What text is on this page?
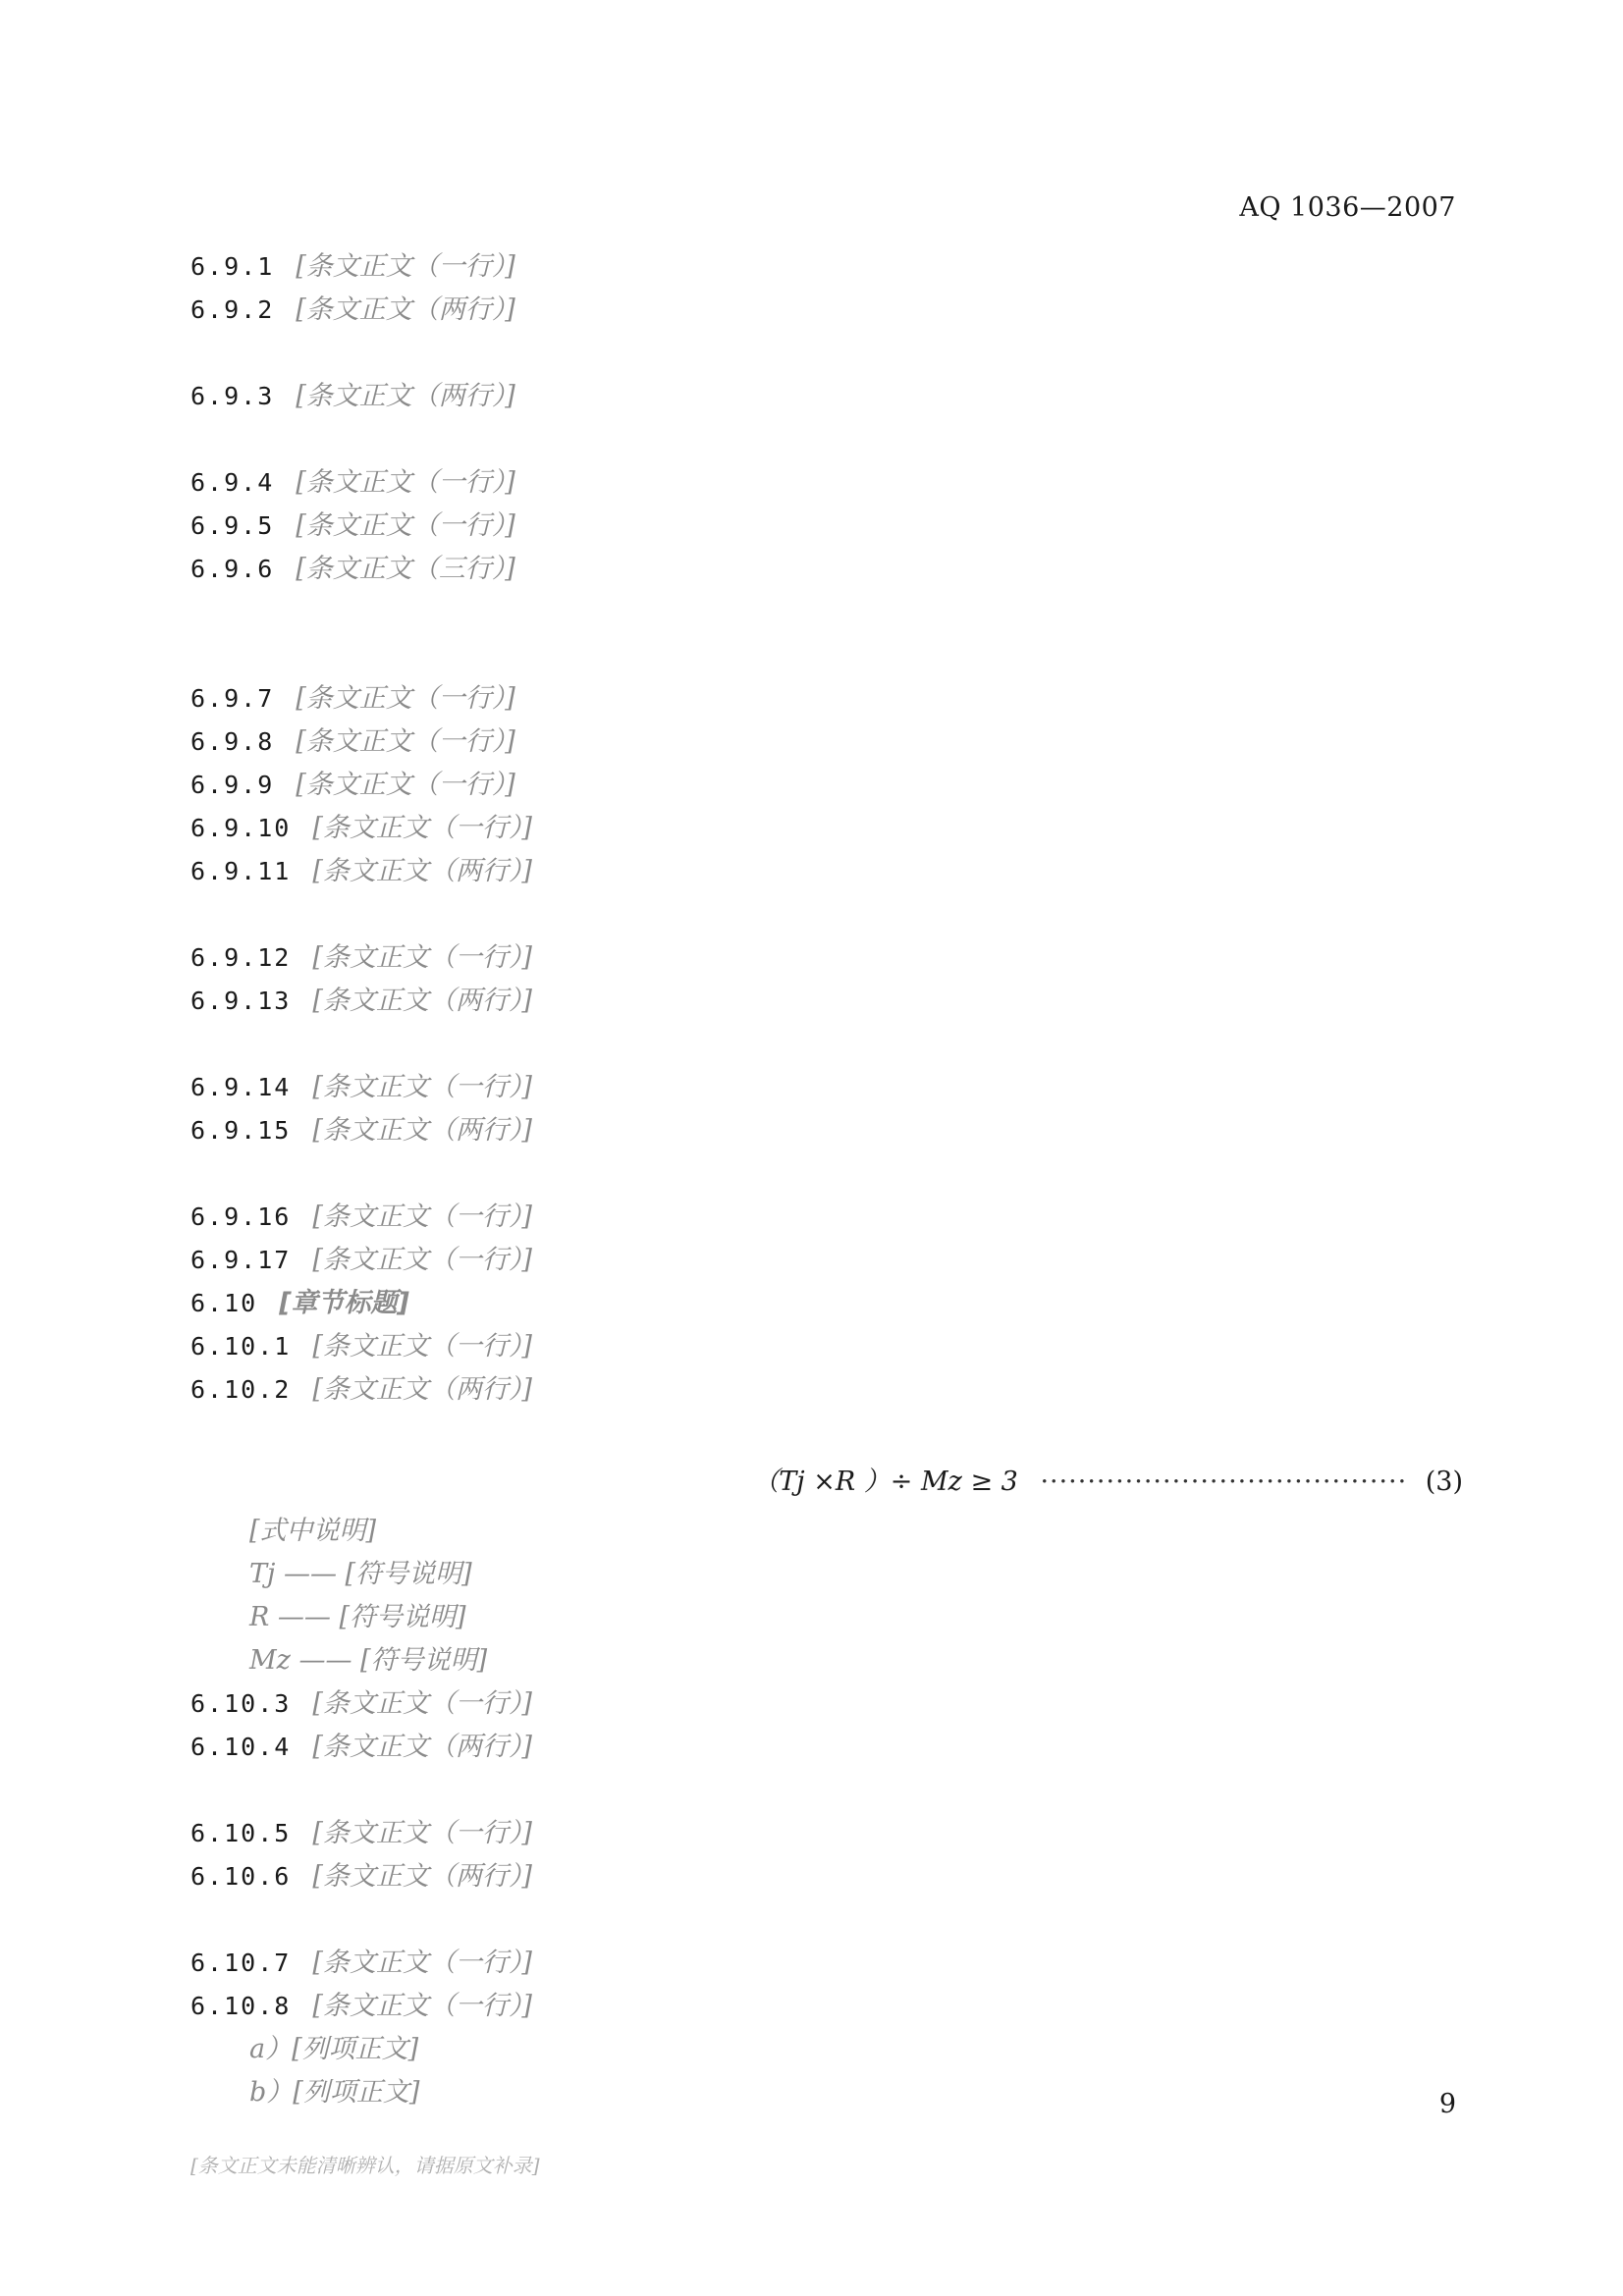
AQ 1036—2007

6.9.1 [条文正文（一行）]

6.9.2 [条文正文（两行）]

6.9.3 [条文正文（两行）]

6.9.4 [条文正文（一行）]

6.9.5 [条文正文（一行）]

6.9.6 [条文正文（三行）]

6.9.7 [条文正文（一行）]

6.9.8 [条文正文（一行）]

6.9.9 [条文正文（一行）]

6.9.10 [条文正文（一行）]

6.9.11 [条文正文（两行）]

6.9.12 [条文正文（一行）]

6.9.13 [条文正文（两行）]

6.9.14 [条文正文（一行）]

6.9.15 [条文正文（两行）]

6.9.16 [条文正文（一行）]

6.9.17 [条文正文（一行）]

6.10 [章节标题]

6.10.1 [条文正文（一行）]

6.10.2 [条文正文（两行）]

（Tj ×R ）÷ Mz ≥ 3 ······································· (3)

[式中说明]

Tj —— [符号说明]

R —— [符号说明]

Mz —— [符号说明]

6.10.3 [条文正文（一行）]

6.10.4 [条文正文（两行）]

6.10.5 [条文正文（一行）]

6.10.6 [条文正文（两行）]

6.10.7 [条文正文（一行）]

6.10.8 [条文正文（一行）]

a）[列项正文]

b）[列项正文]

[条文正文未能清晰辨认，请据原文补录]

9
